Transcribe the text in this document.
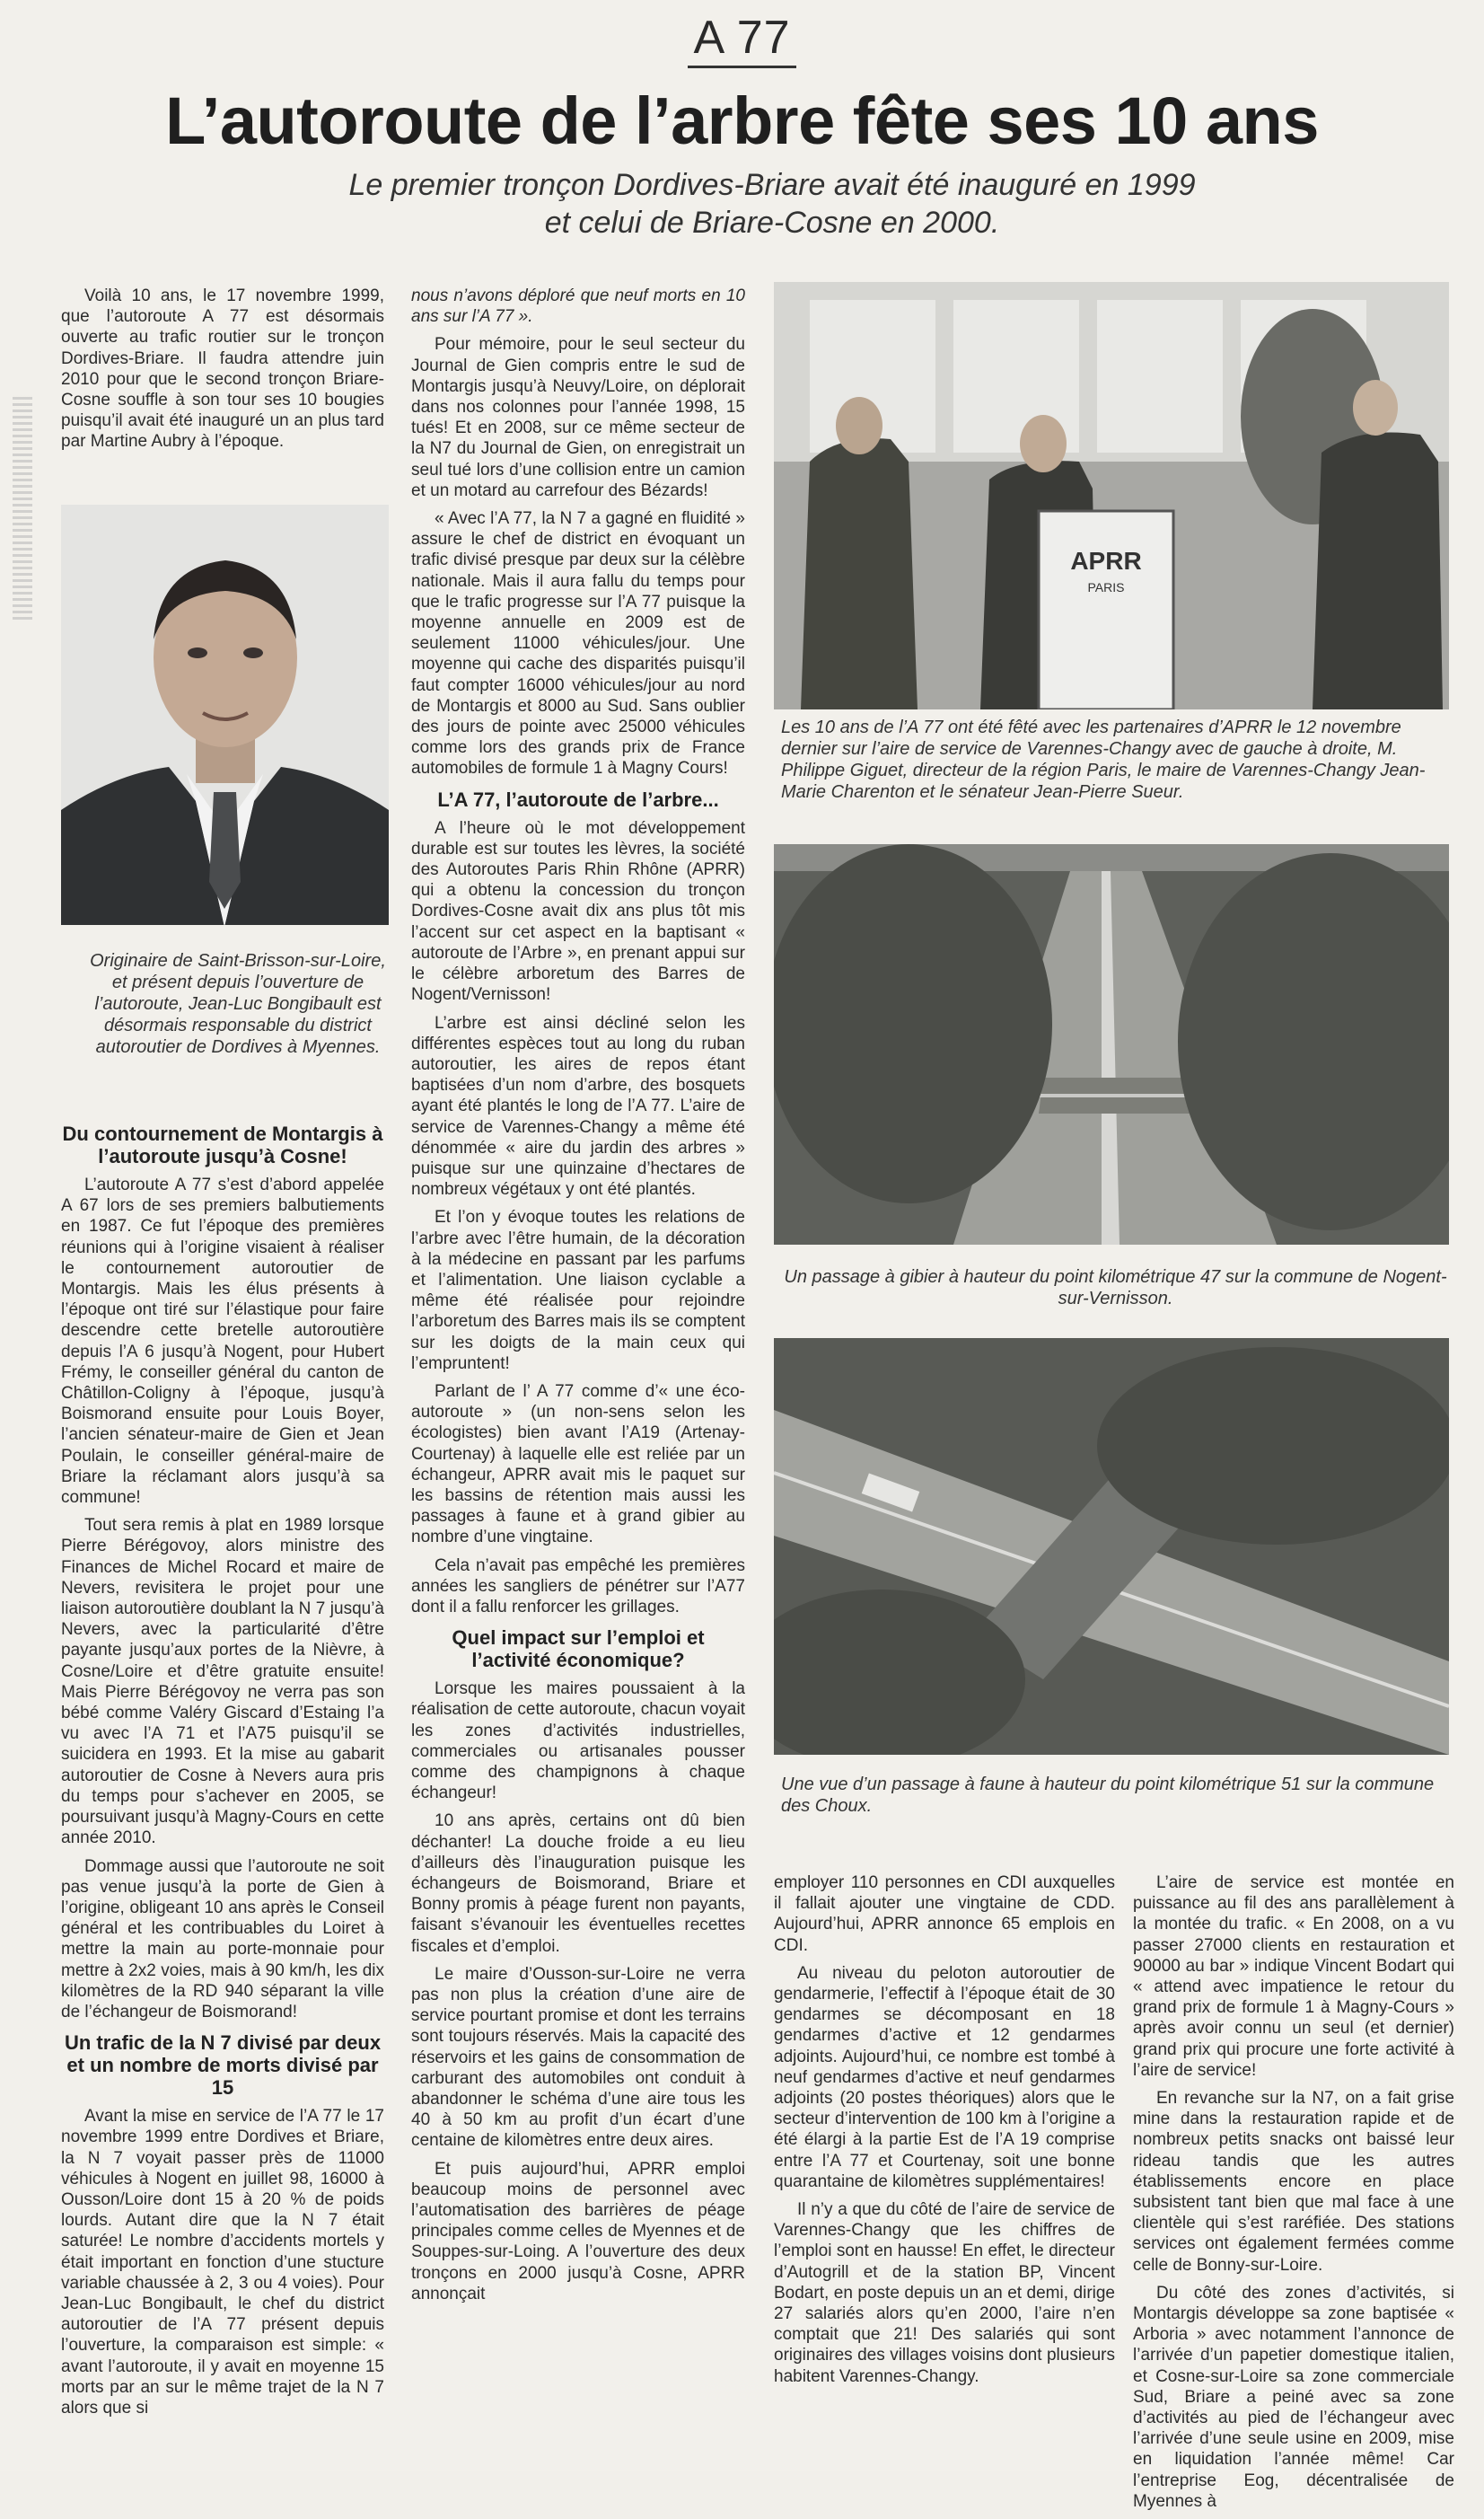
A 77
L’autoroute de l’arbre fête ses 10 ans
Le premier tronçon Dordives-Briare avait été inauguré en 1999
et celui de Briare-Cosne en 2000.

Voilà 10 ans, le 17 novembre 1999, que l’autoroute A 77 est désormais ouverte au trafic routier sur le tronçon Dordives-Briare. Il faudra attendre juin 2010 pour que le second tronçon Briare-Cosne souffle à son tour ses 10 bougies puisqu’il avait été inauguré un an plus tard par Martine Aubry à l’époque.

Originaire de Saint-Brisson-sur-Loire, et présent depuis l’ouverture de l’autoroute, Jean-Luc Bongibault est désormais responsable du district autoroutier de Dordives à Myennes.
Du contournement de Montargis à l’autoroute jusqu’à Cosne!

L’autoroute A 77 s’est d’abord appelée A 67 lors de ses premiers balbutiements en 1987. Ce fut l’époque des premières réunions qui à l’origine visaient à réaliser le contournement autoroutier de Montargis. Mais les élus présents à l’époque ont tiré sur l’élastique pour faire descendre cette bretelle autoroutière depuis l’A 6 jusqu’à Nogent, pour Hubert Frémy, le conseiller général du canton de Châtillon-Coligny à l’époque, jusqu’à Boismorand ensuite pour Louis Boyer, l’ancien sénateur-maire de Gien et Jean Poulain, le conseiller général-maire de Briare la réclamant alors jusqu’à sa commune!

Tout sera remis à plat en 1989 lorsque Pierre Bérégovoy, alors ministre des Finances de Michel Rocard et maire de Nevers, revisitera le projet pour une liaison autoroutière doublant la N 7 jusqu’à Nevers, avec la particularité d’être payante jusqu’aux portes de la Nièvre, à Cosne/Loire et d’être gratuite ensuite! Mais Pierre Bérégovoy ne verra pas son bébé comme Valéry Giscard d’Estaing l’a vu avec l’A 71 et l’A75 puisqu’il se suicidera en 1993. Et la mise au gabarit autoroutier de Cosne à Nevers aura pris du temps pour s’achever en 2005, se poursuivant jusqu’à Magny-Cours en cette année 2010.

Dommage aussi que l’autoroute ne soit pas venue jusqu’à la porte de Gien à l’origine, obligeant 10 ans après le Conseil général et les contribuables du Loiret à mettre la main au porte-monnaie pour mettre à 2x2 voies, mais à 90 km/h, les dix kilomètres de la RD 940 séparant la ville de l’échangeur de Boismorand!

Un trafic de la N 7 divisé par deux et un nombre de morts divisé par 15

Avant la mise en service de l’A 77 le 17 novembre 1999 entre Dordives et Briare, la N 7 voyait passer près de 11000 véhicules à Nogent en juillet 98, 16000 à Ousson/Loire dont 15 à 20 % de poids lourds. Autant dire que la N 7 était saturée! Le nombre d’accidents mortels y était important en fonction d’une stucture variable chaussée à 2, 3 ou 4 voies). Pour Jean-Luc Bongibault, le chef du district autoroutier de l’A 77 présent depuis l’ouverture, la comparaison est simple: « avant l’autoroute, il y avait en moyenne 15 morts par an sur le même trajet de la N 7 alors que si

nous n’avons déploré que neuf morts en 10 ans sur l’A 77 ».

Pour mémoire, pour le seul secteur du Journal de Gien compris entre le sud de Montargis jusqu’à Neuvy/Loire, on déplorait dans nos colonnes pour l’année 1998, 15 tués! Et en 2008, sur ce même secteur de la N7 du Journal de Gien, on enregistrait un seul tué lors d’une collision entre un camion et un motard au carrefour des Bézards!

« Avec l’A 77, la N 7 a gagné en fluidité » assure le chef de district en évoquant un trafic divisé presque par deux sur la célèbre nationale. Mais il aura fallu du temps pour que le trafic progresse sur l’A 77 puisque la moyenne annuelle en 2009 est de seulement 11000 véhicules/jour. Une moyenne qui cache des disparités puisqu’il faut compter 16000 véhicules/jour au nord de Montargis et 8000 au Sud. Sans oublier des jours de pointe avec 25000 véhicules comme lors des grands prix de France automobiles de formule 1 à Magny Cours!

L’A 77, l’autoroute de l’arbre...

A l’heure où le mot développement durable est sur toutes les lèvres, la société des Autoroutes Paris Rhin Rhône (APRR) qui a obtenu la concession du tronçon Dordives-Cosne avait dix ans plus tôt mis l’accent sur cet aspect en la baptisant « autoroute de l’Arbre », en prenant appui sur le célèbre arboretum des Barres de Nogent/Vernisson!

L’arbre est ainsi décliné selon les différentes espèces tout au long du ruban autoroutier, les aires de repos étant baptisées d’un nom d’arbre, des bosquets ayant été plantés le long de l’A 77. L’aire de service de Varennes-Changy a même été dénommée « aire du jardin des arbres » puisque sur une quinzaine d’hectares de nombreux végétaux y ont été plantés.

Et l’on y évoque toutes les relations de l’arbre avec l’être humain, de la décoration à la médecine en passant par les parfums et l’alimentation. Une liaison cyclable a même été réalisée pour rejoindre l’arboretum des Barres mais ils se comptent sur les doigts de la main ceux qui l’empruntent!

Parlant de l’ A 77 comme d’« une éco-autoroute » (un non-sens selon les écologistes) bien avant l’A19 (Artenay-Courtenay) à laquelle elle est reliée par un échangeur, APRR avait mis le paquet sur les bassins de rétention mais aussi les passages à faune et à grand gibier au nombre d’une vingtaine.

Cela n’avait pas empêché les premières années les sangliers de pénétrer sur l’A77 dont il a fallu renforcer les grillages.

Quel impact sur l’emploi et l’activité économique?

Lorsque les maires poussaient à la réalisation de cette autoroute, chacun voyait les zones d’activités industrielles, commerciales ou artisanales pousser comme des champignons à chaque échangeur!

10 ans après, certains ont dû bien déchanter! La douche froide a eu lieu d’ailleurs dès l’inauguration puisque les échangeurs de Boismorand, Briare et Bonny promis à péage furent non payants, faisant s’évanouir les éventuelles recettes fiscales et d’emploi.

Le maire d’Ousson-sur-Loire ne verra pas non plus la création d’une aire de service pourtant promise et dont les terrains sont toujours réservés. Mais la capacité des réservoirs et les gains de consommation de carburant des automobiles ont conduit à abandonner le schéma d’une aire tous les 40 à 50 km au profit d’un écart d’une centaine de kilomètres entre deux aires.

Et puis aujourd’hui, APRR emploi beaucoup moins de personnel avec l’automatisation des barrières de péage principales comme celles de Myennes et de Souppes-sur-Loing. A l’ouverture des deux tronçons en 2000 jusqu’à Cosne, APRR annonçait

APRR
PARIS
Les 10 ans de l’A 77 ont été fêté avec les partenaires d’APRR le 12 novembre dernier sur l’aire de service de Varennes-Changy avec de gauche à droite, M. Philippe Giguet, directeur de la région Paris, le maire de Varennes-Changy Jean-Marie Charenton et le sénateur Jean-Pierre Sueur.
Un passage à gibier à hauteur du point kilométrique 47 sur la commune de Nogent-sur-Vernisson.
Une vue d’un passage à faune à hauteur du point kilométrique 51 sur la commune des Choux.

employer 110 personnes en CDI auxquelles il fallait ajouter une vingtaine de CDD. Aujourd’hui, APRR annonce 65 emplois en CDI.

Au niveau du peloton autoroutier de gendarmerie, l’effectif à l’époque était de 30 gendarmes se décomposant en 18 gendarmes d’active et 12 gendarmes adjoints. Aujourd’hui, ce nombre est tombé à neuf gendarmes d’active et neuf gendarmes adjoints (20 postes théoriques) alors que le secteur d’intervention de 100 km à l’origine a été élargi à la partie Est de l’A 19 comprise entre l’A 77 et Courtenay, soit une bonne quarantaine de kilomètres supplémentaires!

Il n’y a que du côté de l’aire de service de Varennes-Changy que les chiffres de l’emploi sont en hausse! En effet, le directeur d’Autogrill et de la station BP, Vincent Bodart, en poste depuis un an et demi, dirige 27 salariés alors qu’en 2000, l’aire n’en comptait que 21! Des salariés qui sont originaires des villages voisins dont plusieurs habitent Varennes-Changy.

L’aire de service est montée en puissance au fil des ans parallèlement à la montée du trafic. « En 2008, on a vu passer 27000 clients en restauration et 90000 au bar » indique Vincent Bodart qui « attend avec impatience le retour du grand prix de formule 1 à Magny-Cours » après avoir connu un seul (et dernier) grand prix qui procure une forte activité à l’aire de service!

En revanche sur la N7, on a fait grise mine dans la restauration rapide et de nombreux petits snacks ont baissé leur rideau tandis que les autres établissements encore en place subsistent tant bien que mal face à une clientèle qui s’est raréfiée. Des stations services ont également fermées comme celle de Bonny-sur-Loire.

Du côté des zones d’activités, si Montargis développe sa zone baptisée « Arboria » avec notamment l’annonce de l’arrivée d’un papetier domestique italien, et Cosne-sur-Loire sa zone commerciale Sud, Briare a peiné avec sa zone d’activités au pied de l’échangeur avec l’arrivée d’une seule usine en 2009, mise en liquidation l’année même! Car l’entreprise Eog, décentralisée de Myennes à
